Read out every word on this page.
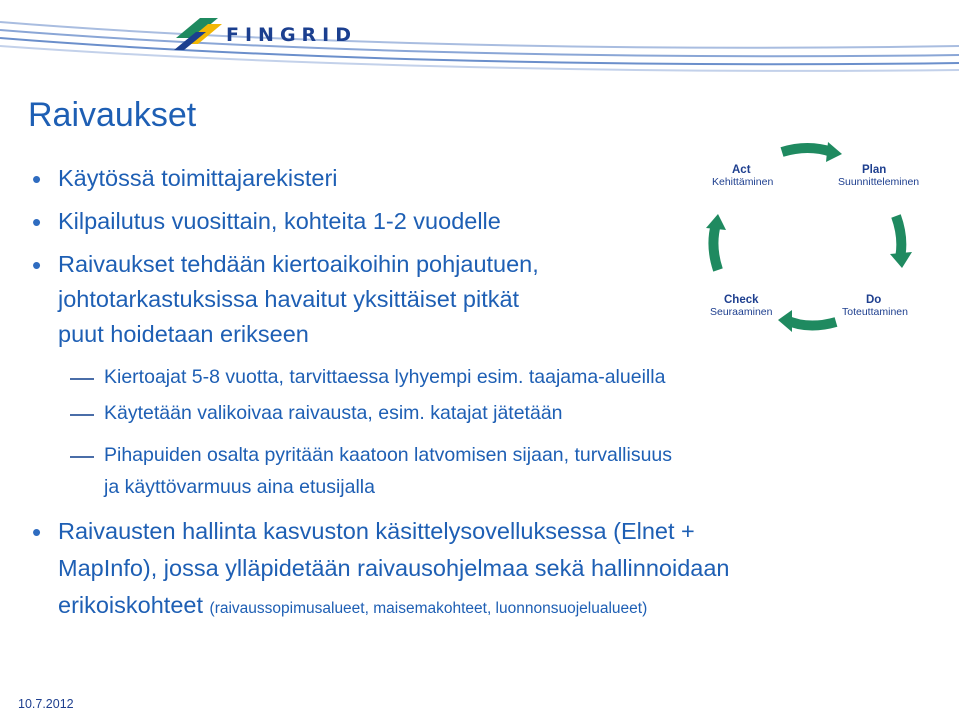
FINGRID
Raivaukset
• Käytössä toimittajarekisteri
• Kilpailutus vuosittain, kohteita 1-2 vuodelle
• Raivaukset tehdään kiertoaikoihin pohjautuen,
johtotarkastuksissa havaitut yksittäiset pitkät
puut hoidetaan erikseen
Kiertoajat 5-8 vuotta, tarvittaessa lyhyempi esim. taajama-alueilla
Käytetään valikoivaa raivausta, esim. katajat jätetään
Pihapuiden osalta pyritään kaatoon latvomisen sijaan, turvallisuus
ja käyttövarmuus aina etusijalla
• Raivausten hallinta kasvuston käsittelysovelluksessa (Elnet +
MapInfo), jossa ylläpidetään raivausohjelmaa sekä hallinnoidaan
erikoiskohteet (raivaussopimusalueet, maisemakohteet, luonnonsuojelualueet)
Act
Kehittäminen
Plan
Suunnitteleminen
Check
Seuraaminen
Do
Toteuttaminen
10.7.2012
